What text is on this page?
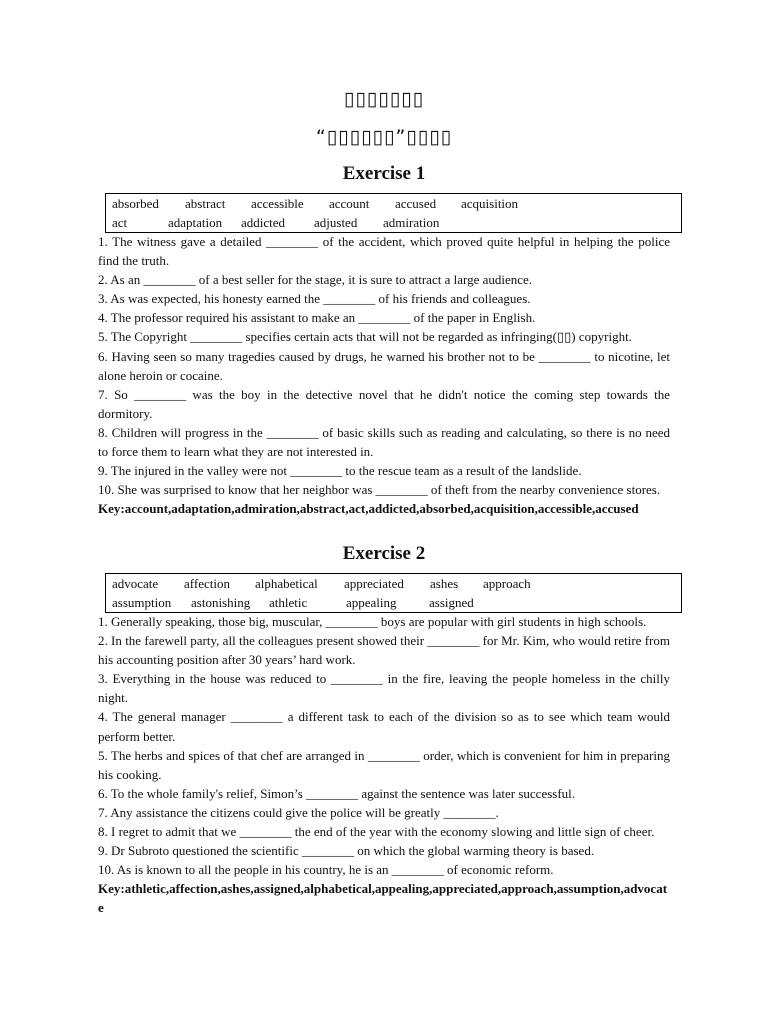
▯▯▯▯▯▯▯
“▯▯▯▯▯▯”▯▯▯▯
Exercise 1
absorbed abstract accessible account accused acquisition
act	adaptation addicted adjusted admiration

1. The witness gave a detailed ________ of the accident, which proved quite helpful in helping the police find the truth.

2. As an ________ of a best seller for the stage, it is sure to attract a large audience.

3. As was expected, his honesty earned the ________ of his friends and colleagues.

4. The professor required his assistant to make an ________ of the paper in English.

5. The Copyright ________ specifies certain acts that will not be regarded as infringing(▯▯) copyright.

6. Having seen so many tragedies caused by drugs, he warned his brother not to be ________ to nicotine, let alone heroin or cocaine.

7. So ________ was the boy in the detective novel that he didn't notice the coming step towards the dormitory.

8. Children will progress in the ________ of basic skills such as reading and calculating, so there is no need to force them to learn what they are not interested in.

9. The injured in the valley were not ________ to the rescue team as a result of the landslide.

10. She was surprised to know that her neighbor was ________ of theft from the nearby convenience stores.

Key:account,adaptation,admiration,abstract,act,addicted,absorbed,acquisition,accessible,accused

Exercise 2
advocate affection alphabetical appreciated ashes approach
assumption astonishing athletic	appealing assigned

1. Generally speaking, those big, muscular, ________ boys are popular with girl students in high schools.

2. In the farewell party, all the colleagues present showed their ________ for Mr. Kim, who would retire from his accounting position after 30 years’ hard work.

3. Everything in the house was reduced to ________ in the fire, leaving the people homeless in the chilly night.

4. The general manager ________ a different task to each of the division so as to see which team would perform better.

5. The herbs and spices of that chef are arranged in ________ order, which is convenient for him in preparing his cooking.

6. To the whole family's relief, Simon’s ________ against the sentence was later successful.

7. Any assistance the citizens could give the police will be greatly ________.

8. I regret to admit that we ________ the end of the year with the economy slowing and little sign of cheer.

9. Dr Subroto questioned the scientific ________ on which the global warming theory is based.

10. As is known to all the people in his country, he is an ________ of economic reform.

Key:athletic,affection,ashes,assigned,alphabetical,appealing,appreciated,approach,assumption,advocate
